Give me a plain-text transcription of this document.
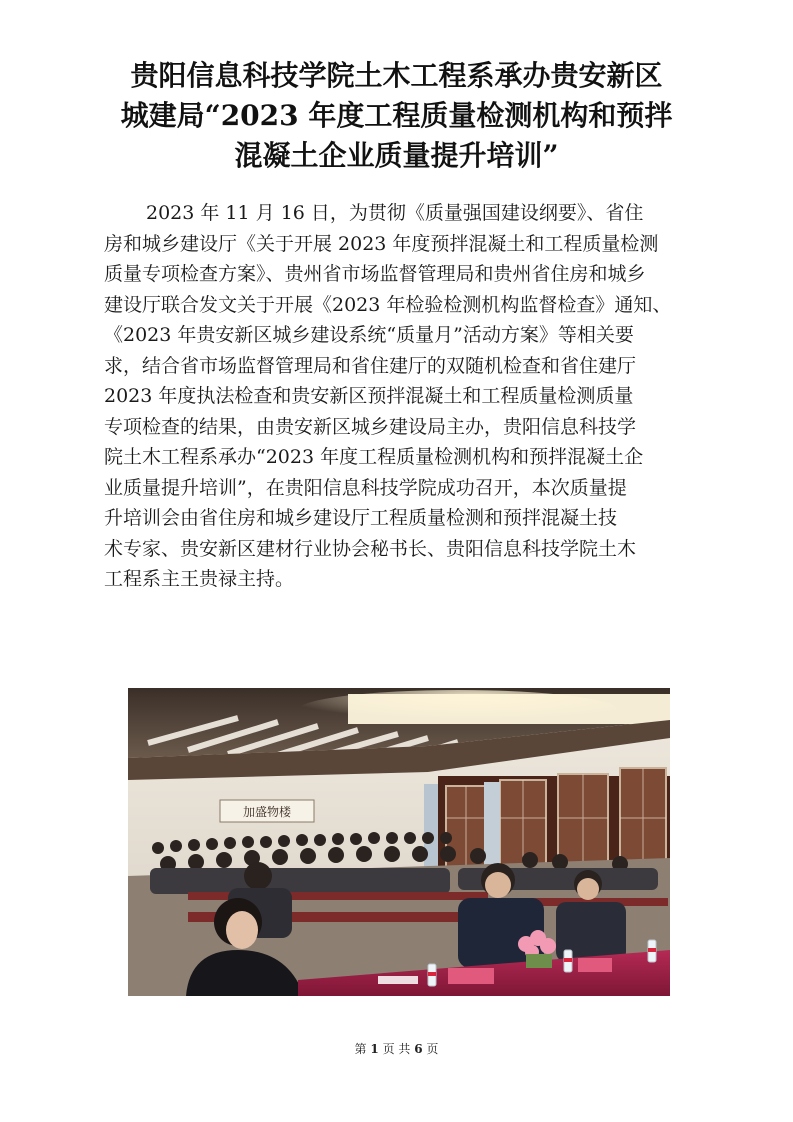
贵阳信息科技学院土木工程系承办贵安新区
城建局“2023 年度工程质量检测机构和预拌
混凝土企业质量提升培训”
2023 年 11 月 16 日，为贯彻《质量强国建设纲要》、省住
房和城乡建设厅《关于开展 2023 年度预拌混凝土和工程质量检测
质量专项检查方案》、贵州省市场监督管理局和贵州省住房和城乡
建设厅联合发文关于开展《2023 年检验检测机构监督检查》通知、
《2023 年贵安新区城乡建设系统“质量月”活动方案》等相关要
求，结合省市场监督管理局和省住建厅的双随机检查和省住建厅
2023 年度执法检查和贵安新区预拌混凝土和工程质量检测质量
专项检查的结果，由贵安新区城乡建设局主办，贵阳信息科技学
院土木工程系承办“2023 年度工程质量检测机构和预拌混凝土企
业质量提升培训”，在贵阳信息科技学院成功召开，本次质量提
升培训会由省住房和城乡建设厅工程质量检测和预拌混凝土技
术专家、贵安新区建材行业协会秘书长、贵阳信息科技学院土木
工程系主王贵禄主持。
加盛物楼
第 1 页 共 6 页
